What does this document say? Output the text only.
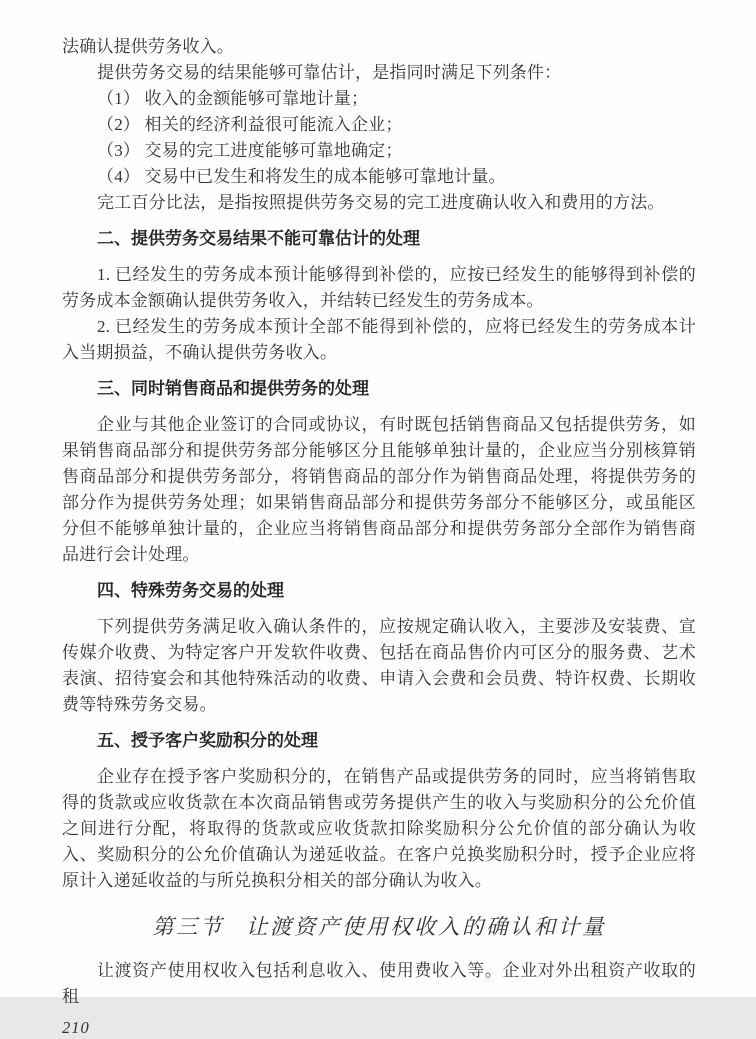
法确认提供劳务收入。

提供劳务交易的结果能够可靠估计，是指同时满足下列条件：

（1） 收入的金额能够可靠地计量；

（2） 相关的经济利益很可能流入企业；

（3） 交易的完工进度能够可靠地确定；

（4） 交易中已发生和将发生的成本能够可靠地计量。

完工百分比法，是指按照提供劳务交易的完工进度确认收入和费用的方法。

二、提供劳务交易结果不能可靠估计的处理

1. 已经发生的劳务成本预计能够得到补偿的，应按已经发生的能够得到补偿的劳务成本金额确认提供劳务收入，并结转已经发生的劳务成本。

2. 已经发生的劳务成本预计全部不能得到补偿的，应将已经发生的劳务成本计入当期损益，不确认提供劳务收入。

三、同时销售商品和提供劳务的处理

企业与其他企业签订的合同或协议，有时既包括销售商品又包括提供劳务，如果销售商品部分和提供劳务部分能够区分且能够单独计量的，企业应当分别核算销售商品部分和提供劳务部分，将销售商品的部分作为销售商品处理，将提供劳务的部分作为提供劳务处理；如果销售商品部分和提供劳务部分不能够区分，或虽能区分但不能够单独计量的，企业应当将销售商品部分和提供劳务部分全部作为销售商品进行会计处理。

四、特殊劳务交易的处理

下列提供劳务满足收入确认条件的，应按规定确认收入，主要涉及安装费、宣传媒介收费、为特定客户开发软件收费、包括在商品售价内可区分的服务费、艺术表演、招待宴会和其他特殊活动的收费、申请入会费和会员费、特许权费、长期收费等特殊劳务交易。

五、授予客户奖励积分的处理

企业存在授予客户奖励积分的，在销售产品或提供劳务的同时，应当将销售取得的货款或应收货款在本次商品销售或劳务提供产生的收入与奖励积分的公允价值之间进行分配，将取得的货款或应收货款扣除奖励积分公允价值的部分确认为收入、奖励积分的公允价值确认为递延收益。在客户兑换奖励积分时，授予企业应将原计入递延收益的与所兑换积分相关的部分确认为收入。

第三节 让渡资产使用权收入的确认和计量

让渡资产使用权收入包括利息收入、使用费收入等。企业对外出租资产收取的租

210
